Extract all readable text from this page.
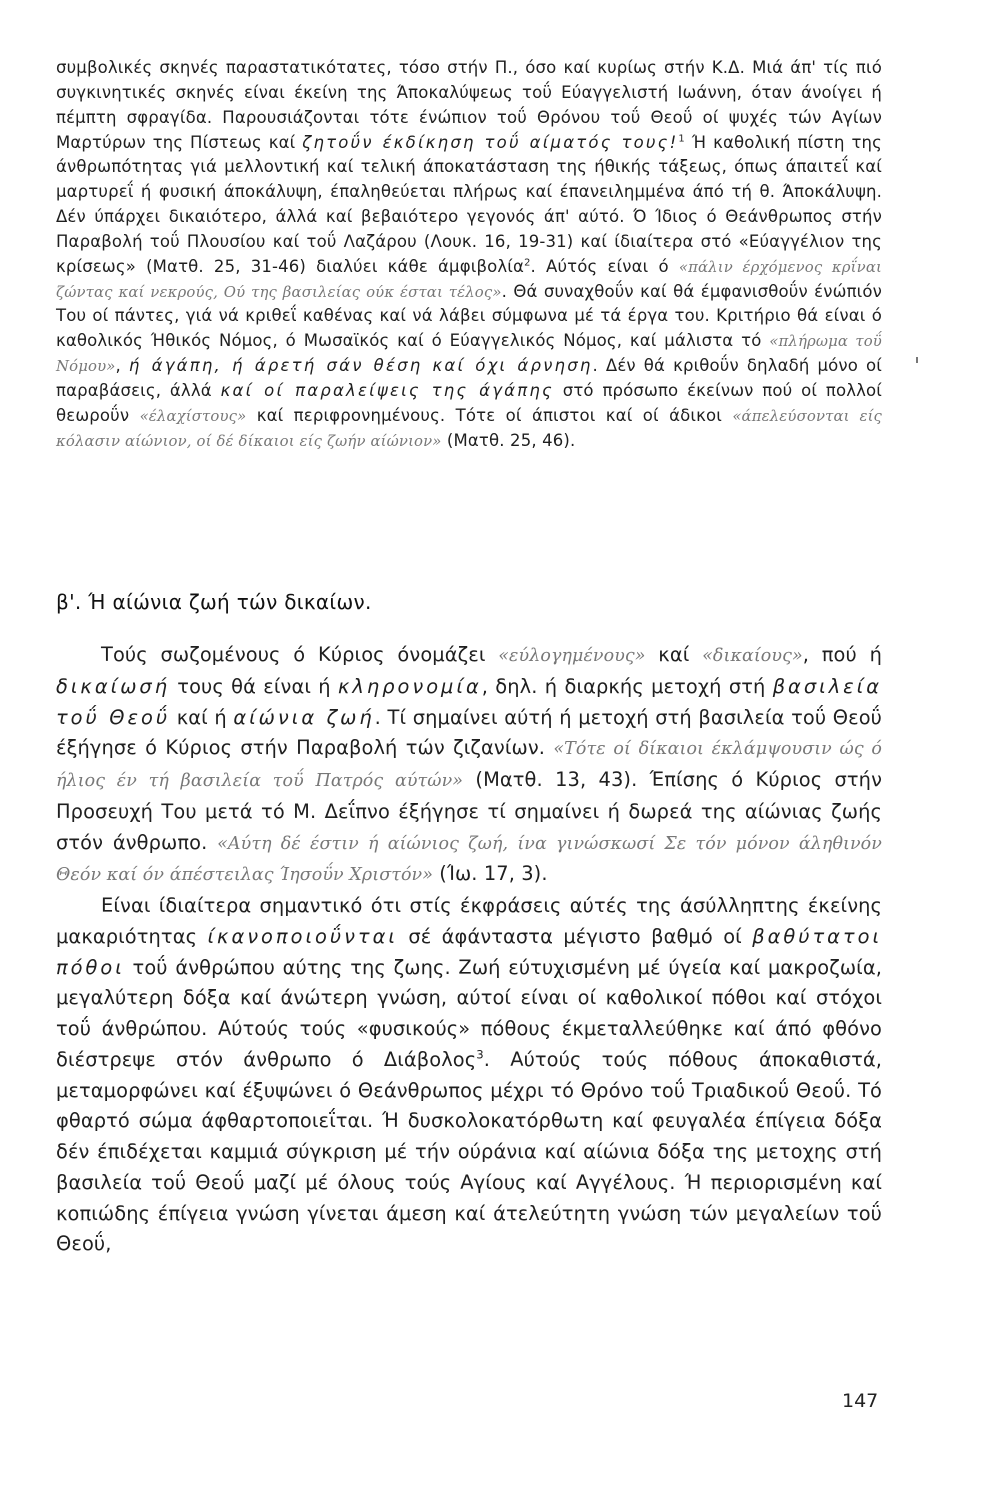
συμβολικές σκηνές παραστατικότατες, τόσο στήν Π., όσο καί κυρίως στήν Κ.Δ. Μιά άπ' τίς πιό συγκινητικές σκηνές είναι έκείνη της Άποκαλύψεως τοΰ Εύαγγελιστή Ιωάννη, όταν άνοίγει ή πέμπτη σφραγίδα. Παρουσιάζονται τότε ένώπιον τοΰ Θρόνου τοΰ Θεοΰ οί ψυχές τών Αγίων Μαρτύρων της Πίστεως καί ζητοΰν έκδίκηση τοΰ αίματός τους!$^1$ Ή καθολική πίστη της άνθρωπότητας γιά μελλοντική καί τελική άποκατάσταση της ήθικής τάξεως, όπως άπαιτεΐ καί μαρτυρεΐ ή φυσική άποκάλυψη, έπαληθεύεται πλήρως καί έπανειλημμένα άπό τή θ. Άποκάλυψη. Δέν ύπάρχει δικαιότερο, άλλά καί βεβαιότερο γεγονός άπ' αύτό. Ό Ίδιος ό Θεάνθρωπος στήν Παραβολή τοΰ Πλουσίου καί τοΰ Λαζάρου (Λουκ. 16, 19-31) καί ίδιαίτερα στό «Εύαγγέλιον της κρίσεως» (Ματθ. 25, 31-46) διαλύει κάθε άμφιβολία$^2$. Αύτός είναι ό «πάλιν έρχόμενος κρΐναι ζώντας καί νεκρούς, Ού της βασιλείας ούκ έσται τέλος». Θά συναχθοΰν καί θά έμφανισθοΰν ένώπιόν Του οί πάντες, γιά νά κριθεΐ καθένας καί νά λάβει σύμφωνα μέ τά έργα του. Κριτήριο θά είναι ό καθολικός Ήθικός Νόμος, ό Μωσαϊκός καί ό Εύαγγελικός Νόμος, καί μάλιστα τό «πλήρωμα τοΰ Νόμου», ή άγάπη, ή άρετή σάν θέση καί όχι άρνηση. Δέν θά κριθοΰν δηλαδή μόνο οί παραβάσεις, άλλά καί οί παραλείψεις της άγάπης στό πρόσωπο έκείνων πού οί πολλοί θεωροΰν «έλαχίστους» καί περιφρονημένους. Τότε οί άπιστοι καί οί άδικοι «άπελεύσονται είς κόλασιν αίώνιον, οί δέ δίκαιοι είς ζωήν αίώνιον» (Ματθ. 25, 46).

β'. Ή αίώνια ζωή τών δικαίων.

Τούς σωζομένους ό Κύριος όνομάζει «εύλογημένους» καί «δικαίους», πού ή δικαίωσή τους θά είναι ή κληρονομία, δηλ. ή διαρκής μετοχή στή βασιλεία τοΰ Θεοΰ καί ή αίώνια ζωή. Τί σημαίνει αύτή ή μετοχή στή βασιλεία τοΰ Θεοΰ έξήγησε ό Κύριος στήν Παραβολή τών ζιζανίων. «Τότε οί δίκαιοι έκλάμψουσιν ώς ό ήλιος έν τή βασιλεία τοΰ Πατρός αύτών» (Ματθ. 13, 43). Έπίσης ό Κύριος στήν Προσευχή Του μετά τό Μ. Δεΐπνο έξήγησε τί σημαίνει ή δωρεά της αίώνιας ζωής στόν άνθρωπο. «Αύτη δέ έστιν ή αίώνιος ζωή, ίνα γινώσκωσί Σε τόν μόνον άληθινόν Θεόν καί όν άπέστειλας Ίησοΰν Χριστόν» (Ίω. 17, 3).

Είναι ίδιαίτερα σημαντικό ότι στίς έκφράσεις αύτές της άσύλληπτης έκείνης μακαριότητας ίκανοποιοΰνται σέ άφάνταστα μέγιστο βαθμό οί βαθύτατοι πόθοι τοΰ άνθρώπου αύτης της ζωης. Ζωή εύτυχισμένη μέ ύγεία καί μακροζωία, μεγαλύτερη δόξα καί άνώτερη γνώση, αύτοί είναι οί καθολικοί πόθοι καί στόχοι τοΰ άνθρώπου. Αύτούς τούς «φυσικούς» πόθους έκμεταλλεύθηκε καί άπό φθόνο διέστρεψε στόν άνθρωπο ό Διάβολος$^3$. Αύτούς τούς πόθους άποκαθιστά, μεταμορφώνει καί έξυψώνει ό Θεάνθρωπος μέχρι τό Θρόνο τοΰ Τριαδικοΰ Θεοΰ. Τό φθαρτό σώμα άφθαρτοποιεΐται. Ή δυσκολοκατόρθωτη καί φευγαλέα έπίγεια δόξα δέν έπιδέχεται καμμιά σύγκριση μέ τήν ούράνια καί αίώνια δόξα της μετοχης στή βασιλεία τοΰ Θεοΰ μαζί μέ όλους τούς Αγίους καί Αγγέλους. Ή περιορισμένη καί κοπιώδης έπίγεια γνώση γίνεται άμεση καί άτελεύτητη γνώση τών μεγαλείων τοΰ Θεοΰ,

147
